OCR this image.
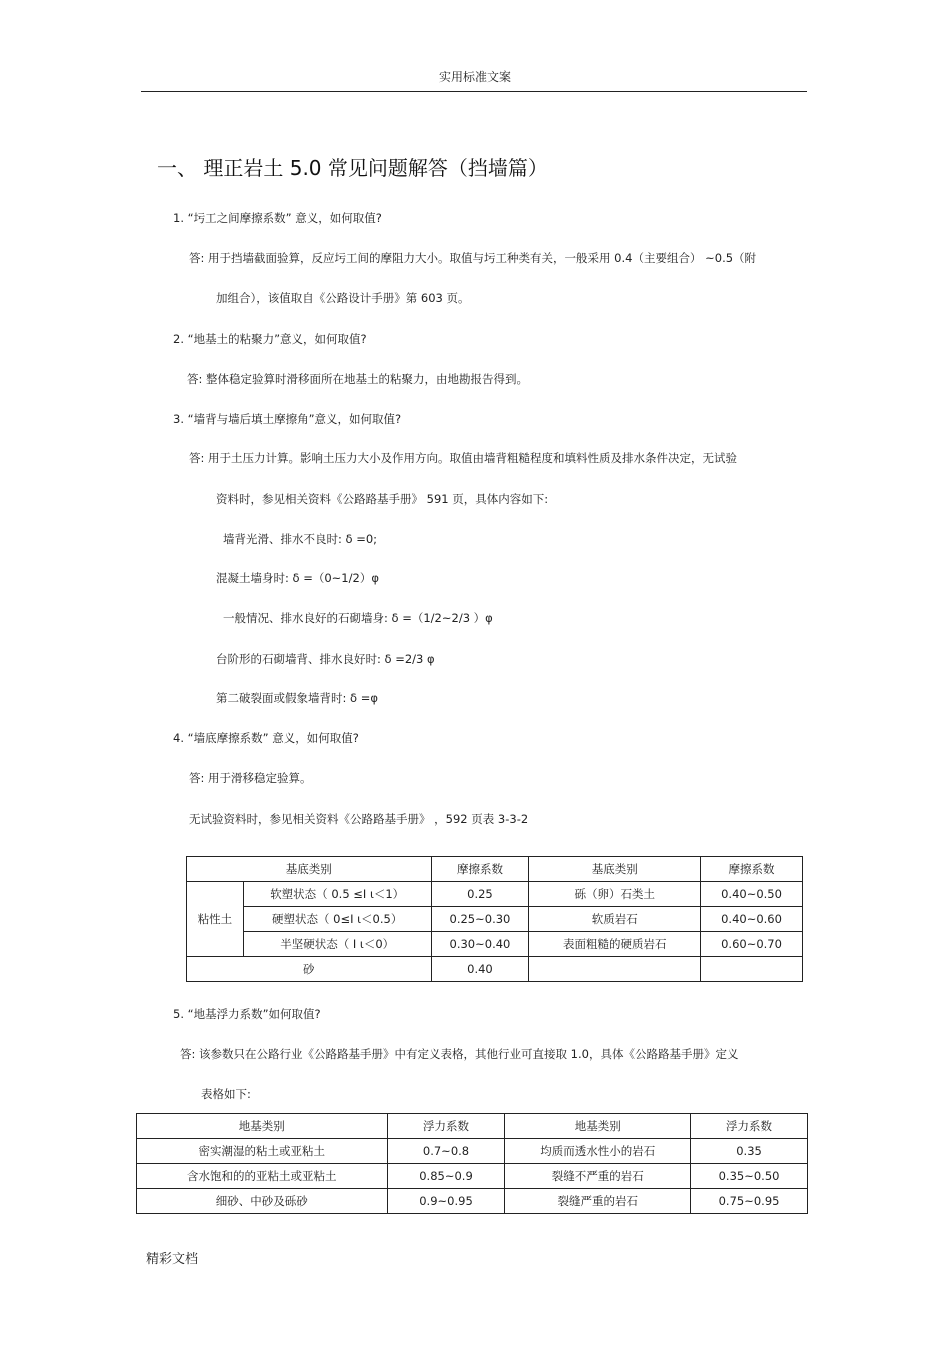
实用标准文案
一、 理正岩土 5.0 常见问题解答（挡墙篇）
1. “圬工之间摩擦系数” 意义，如何取值?
答: 用于挡墙截面验算，反应圬工间的摩阻力大小。取值与圬工种类有关，一般采用 0.4（主要组合） ~0.5（附
加组合），该值取自《公路设计手册》第 603 页。
2. “地基土的粘聚力”意义，如何取值?
答: 整体稳定验算时滑移面所在地基土的粘聚力，由地勘报告得到。
3. “墙背与墙后填土摩擦角”意义，如何取值?
答: 用于土压力计算。影响土压力大小及作用方向。取值由墙背粗糙程度和填料性质及排水条件决定，无试验
资料时，参见相关资料《公路路基手册》 591 页，具体内容如下:
墙背光滑、排水不良时: δ =0;
混凝土墙身时: δ =（0~1/2）φ
一般情况、排水良好的石砌墙身: δ =（1/2~2/3 ）φ
台阶形的石砌墙背、排水良好时: δ =2/3 φ
第二破裂面或假象墙背时: δ =φ
4. “墙底摩擦系数” 意义，如何取值?
答: 用于滑移稳定验算。
无试验资料时，参见相关资料《公路路基手册》 ，592 页表 3-3-2
基底类别		摩擦系数	基底类别	摩擦系数
粘性土	软塑状态（ 0.5 ≤I ι＜1）	0.25	砾（卵）石类土	0.40~0.50
	硬塑状态（ 0≤I ι＜0.5）	0.25~0.30	软质岩石	0.40~0.60
	半坚硬状态（ I ι＜0）	0.30~0.40	表面粗糙的硬质岩石	0.60~0.70
砂		0.40		
5. “地基浮力系数”如何取值?
答: 该参数只在公路行业《公路路基手册》中有定义表格，其他行业可直接取 1.0，具体《公路路基手册》定义
表格如下:
地基类别	浮力系数	地基类别	浮力系数
密实潮湿的粘土或亚粘土	0.7~0.8	均质而透水性小的岩石	0.35
含水饱和的的亚粘土或亚粘土	0.85~0.9	裂缝不严重的岩石	0.35~0.50
细砂、中砂及砾砂	0.9~0.95	裂缝严重的岩石	0.75~0.95
精彩文档
